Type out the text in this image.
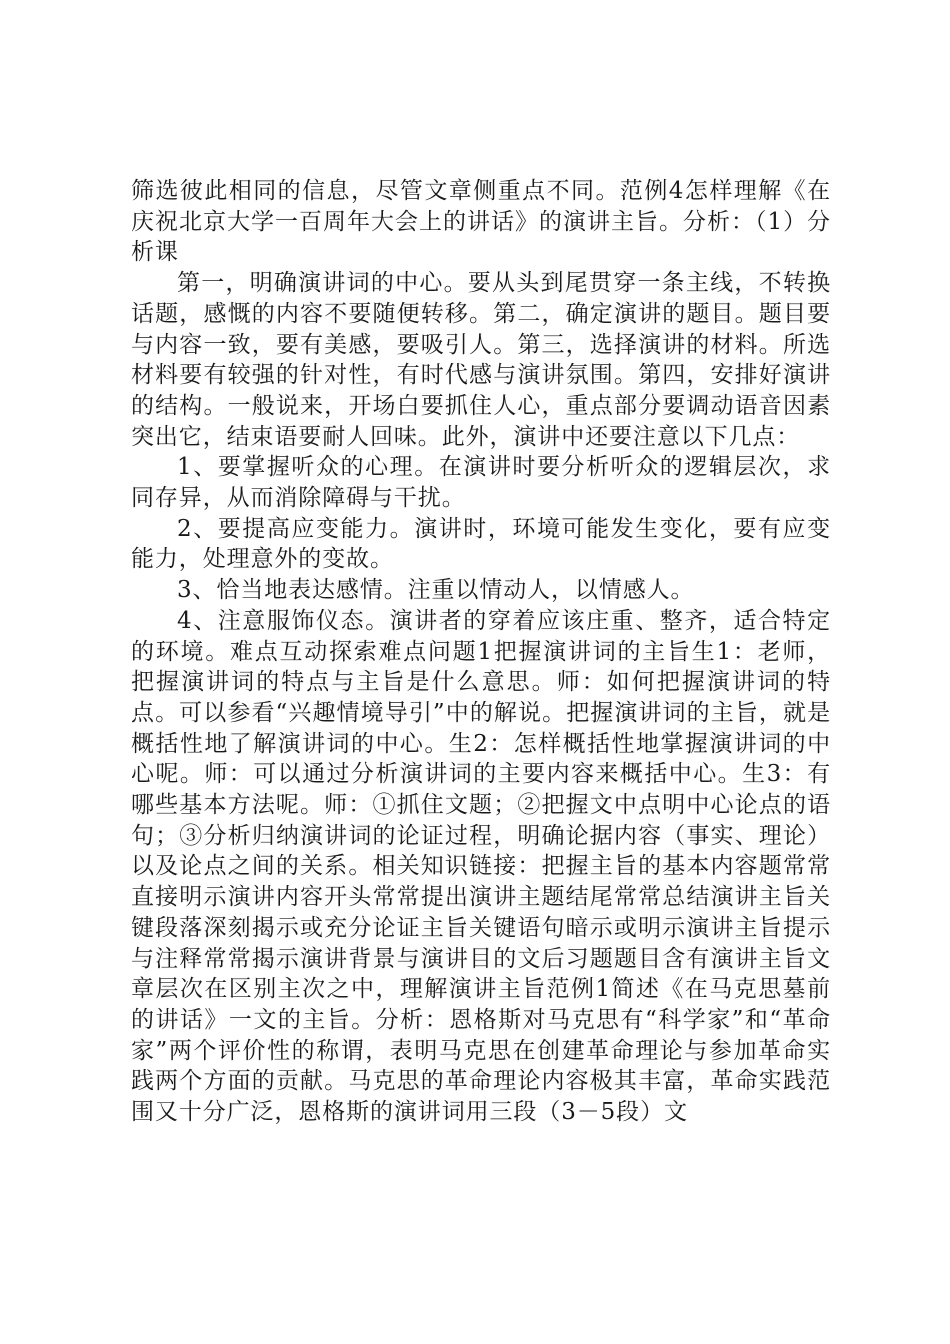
筛选彼此相同的信息，尽管文章侧重点不同。范例4怎样理解《在庆祝北京大学一百周年大会上的讲话》的演讲主旨。分析：（1）分析课

第一，明确演讲词的中心。要从头到尾贯穿一条主线，不转换话题，感慨的内容不要随便转移。第二，确定演讲的题目。题目要与内容一致，要有美感，要吸引人。第三，选择演讲的材料。所选材料要有较强的针对性，有时代感与演讲氛围。第四，安排好演讲的结构。一般说来，开场白要抓住人心，重点部分要调动语音因素突出它，结束语要耐人回味。此外，演讲中还要注意以下几点：

1、要掌握听众的心理。在演讲时要分析听众的逻辑层次，求同存异，从而消除障碍与干扰。

2、要提高应变能力。演讲时，环境可能发生变化，要有应变能力，处理意外的变故。

3、恰当地表达感情。注重以情动人，以情感人。

4、注意服饰仪态。演讲者的穿着应该庄重、整齐，适合特定的环境。难点互动探索难点问题1把握演讲词的主旨生1：老师，把握演讲词的特点与主旨是什么意思。师：如何把握演讲词的特点。可以参看“兴趣情境导引”中的解说。把握演讲词的主旨，就是概括性地了解演讲词的中心。生2：怎样概括性地掌握演讲词的中心呢。师：可以通过分析演讲词的主要内容来概括中心。生3：有哪些基本方法呢。师：①抓住文题；②把握文中点明中心论点的语句；③分析归纳演讲词的论证过程，明确论据内容（事实、理论）以及论点之间的关系。相关知识链接：把握主旨的基本内容题常常直接明示演讲内容开头常常提出演讲主题结尾常常总结演讲主旨关键段落深刻揭示或充分论证主旨关键语句暗示或明示演讲主旨提示与注释常常揭示演讲背景与演讲目的文后习题题目含有演讲主旨文章层次在区别主次之中，理解演讲主旨范例1简述《在马克思墓前的讲话》一文的主旨。分析：恩格斯对马克思有“科学家”和“革命家”两个评价性的称谓，表明马克思在创建革命理论与参加革命实践两个方面的贡献。马克思的革命理论内容极其丰富，革命实践范围又十分广泛，恩格斯的演讲词用三段（3－5段）文
